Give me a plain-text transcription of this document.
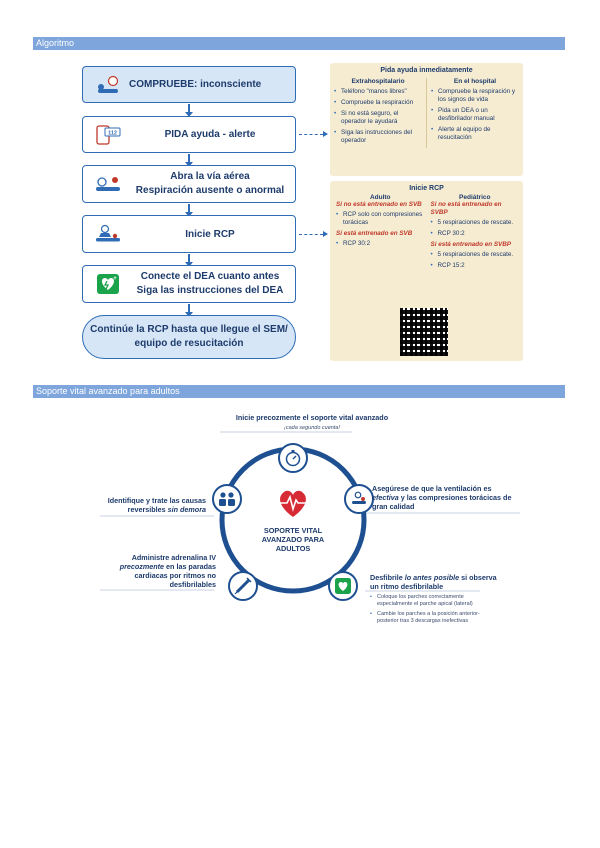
Algoritmo
COMPRUEBE: inconsciente
112	PIDA ayuda - alerte
Abra la vía aérea
Respiración ausente o anormal
Inicie RCP
+	Conecte el DEA cuanto antes
Siga las instrucciones del DEA
Continúe la RCP hasta que llegue el SEM/
equipo de resucitación
Pida ayuda inmediatamente
Extrahospitalario
• Teléfono "manos libres"
• Compruebe la respiración
• Si no está seguro, el operador le ayudará
• Siga las instrucciones del operador
En el hospital
• Compruebe la respiración y los signos de vida
• Pida un DEA o un desfibrilador manual
• Alerte al equipo de resucitación
Inicie RCP
Adulto
Si no está entrenado en SVB
• RCP solo con compresiones torácicas
Si está entrenado en SVB
• RCP 30:2
Pediátrico
Si no está entrenado en SVBP
• 5 respiraciones de rescate.
• RCP 30:2
Si está entrenado en SVBP
• 5 respiraciones de rescate.
• RCP 15:2
Soporte vital avanzado para adultos
Inicie precozmente el soporte vital avanzado
¡cada segundo cuenta!
SOPORTE VITAL
AVANZADO PARA
ADULTOS
Asegúrese de que la ventilación es efectiva y las compresiones torácicas de gran calidad
Identifique y trate las causas reversibles sin demora
Administre adrenalina IV precozmente en las paradas cardiacas por ritmos no desfibrilables
Desfibrile lo antes posible si observa un ritmo desfibrilable
• Coloque los parches correctamente especialmente el parche apical (lateral)
• Cambie los parches a la posición anterior-posterior tras 3 descargas inefectivas
